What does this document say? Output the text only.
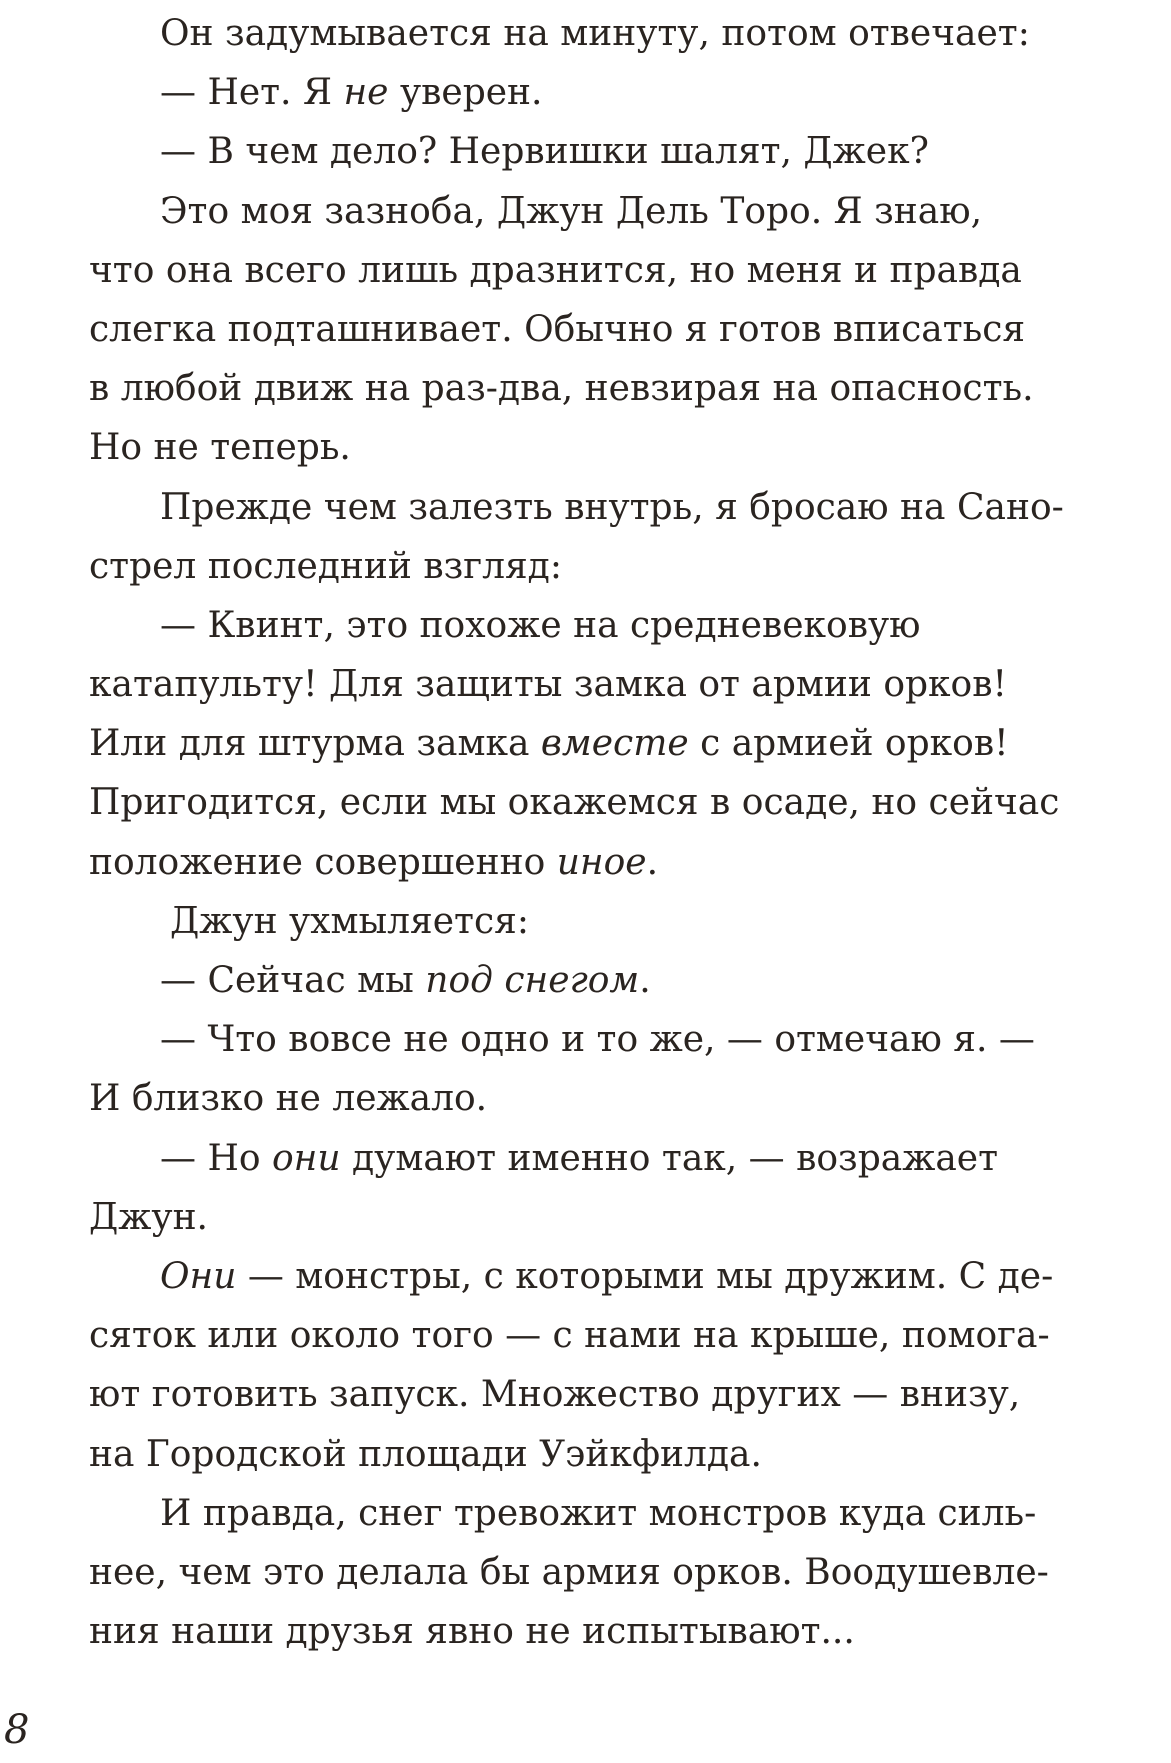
Он задумывается на минуту, потом отвечает:
— Нет. Я не уверен.
— В чем дело? Нервишки шалят, Джек?
Это моя зазноба, Джун Дель Торо. Я знаю,
что она всего лишь дразнится, но меня и правда
слегка подташнивает. Обычно я готов вписаться
в любой движ на раз-два, невзирая на опасность.
Но не теперь.
Прежде чем залезть внутрь, я бросаю на Сано-
стрел последний взгляд:
— Квинт, это похоже на средневековую
катапульту! Для защиты замка от армии орков!
Или для штурма замка вместе с армией орков!
Пригодится, если мы окажемся в осаде, но сейчас
положение совершенно иное.
Джун ухмыляется:
— Сейчас мы под снегом.
— Что вовсе не одно и то же, — отмечаю я. —
И близко не лежало.
— Но они думают именно так, — возражает
Джун.
Они — монстры, с которыми мы дружим. С де-
сяток или около того — с нами на крыше, помога-
ют готовить запуск. Множество других — внизу,
на Городской площади Уэйкфилда.
И правда, снег тревожит монстров куда силь-
нее, чем это делала бы армия орков. Воодушевле-
ния наши друзья явно не испытывают...
8
